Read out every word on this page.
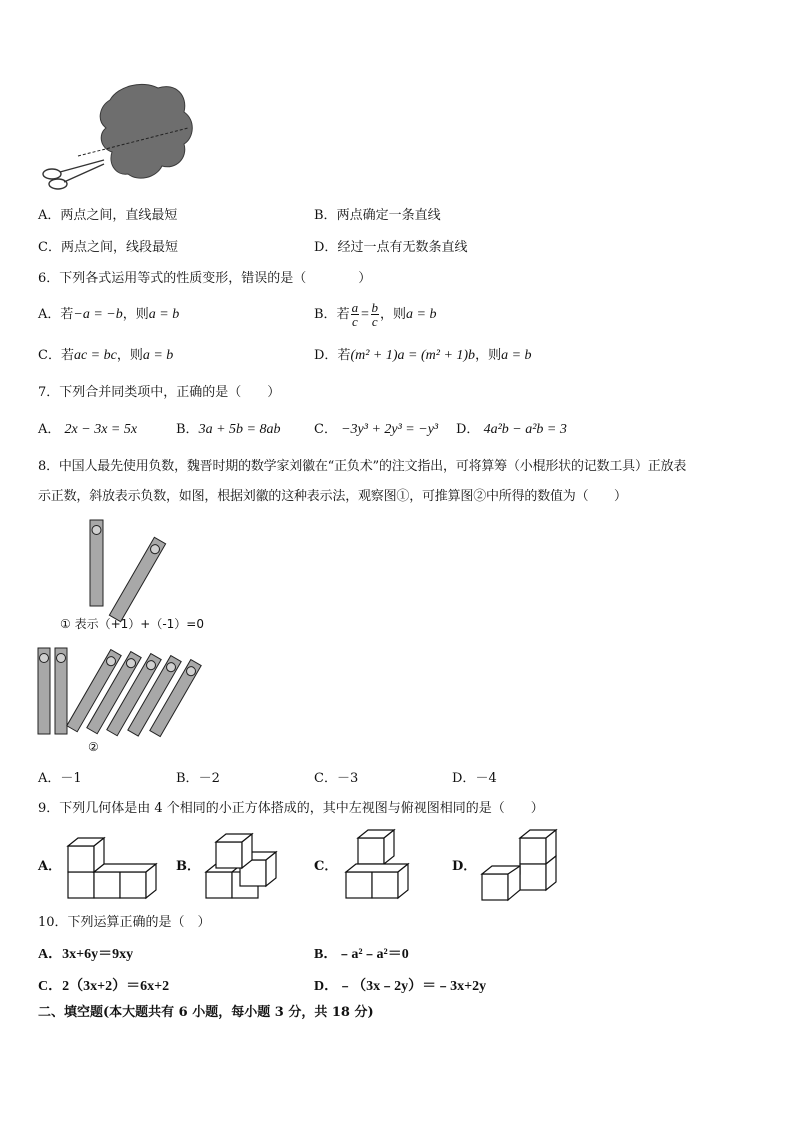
A．两点之间，直线最短	B．两点确定一条直线
C．两点之间，线段最短	D．经过一点有无数条直线
6．下列各式运用等式的性质变形，错误的是（　　　　）
A．若−a = −b，则a = b	B．若 $\frac{a}{c} = \frac{b}{c}$ ，则a = b
C．若ac = bc，则a = b	D．若(m² + 1)a = (m² + 1)b，则a = b
7．下列合并同类项中，正确的是（　　）
A． 2x − 3x = 5x	B．3a + 5b = 8ab	C． −3y³ + 2y³ = −y³ D． 4a²b − a²b = 3
8．中国人最先使用负数，魏晋时期的数学家刘徽在“正负术”的注文指出，可将算筹（小棍形状的记数工具）正放表
示正数，斜放表示负数，如图，根据刘徽的这种表示法，观察图①，可推算图②中所得的数值为（　　）
① 表示（+1）+（-1）=0
②
A．－1	B．－2	C．－3	D．－4
9．下列几何体是由 4 个相同的小正方体搭成的，其中左视图与俯视图相同的是（　　）
A．	B．	C．	D．
10．下列运算正确的是（　）
A．3x+6y＝9xy	B．﹣a²﹣a²＝0
C．2（3x+2）＝6x+2	D．﹣（3x﹣2y）＝﹣3x+2y
二、填空题(本大题共有 6 小题，每小题 3 分，共 18 分)
